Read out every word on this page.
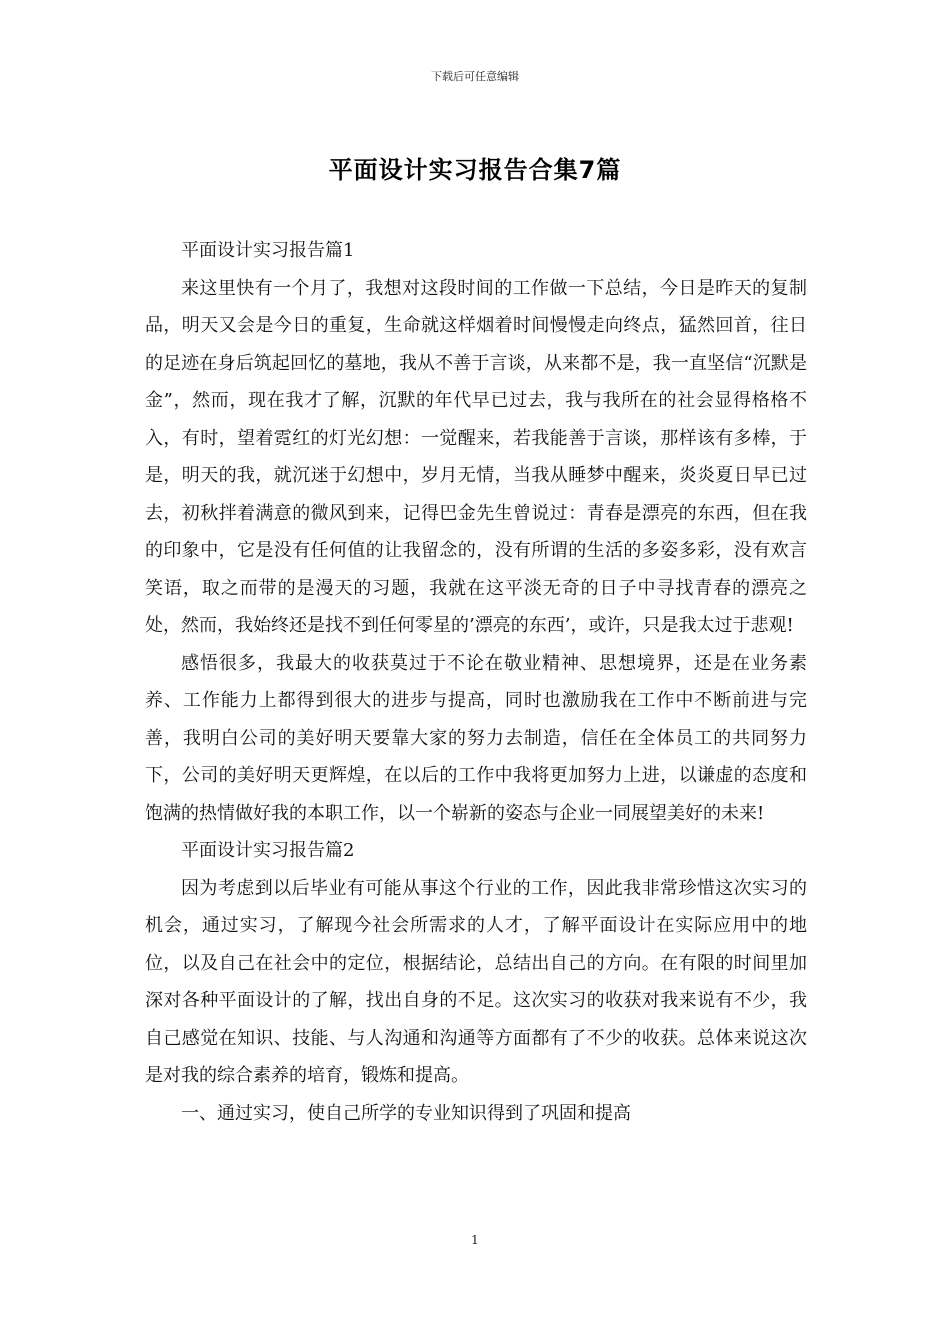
下载后可任意编辑
平面设计实习报告合集7篇

平面设计实习报告篇1

来这里快有一个月了，我想对这段时间的工作做一下总结，今日是昨天的复制品，明天又会是今日的重复，生命就这样烟着时间慢慢走向终点，猛然回首，往日的足迹在身后筑起回忆的墓地，我从不善于言谈，从来都不是，我一直坚信“沉默是金”，然而，现在我才了解，沉默的年代早已过去，我与我所在的社会显得格格不入，有时，望着霓红的灯光幻想：一觉醒来，若我能善于言谈，那样该有多棒，于是，明天的我，就沉迷于幻想中，岁月无情，当我从睡梦中醒来，炎炎夏日早已过去，初秋拌着满意的微风到来，记得巴金先生曾说过：青春是漂亮的东西，但在我的印象中，它是没有任何值的让我留念的，没有所谓的生活的多姿多彩，没有欢言笑语，取之而带的是漫天的习题，我就在这平淡无奇的日子中寻找青春的漂亮之处，然而，我始终还是找不到任何零星的’漂亮的东西’，或许，只是我太过于悲观!

感悟很多，我最大的收获莫过于不论在敬业精神、思想境界，还是在业务素养、工作能力上都得到很大的进步与提高，同时也激励我在工作中不断前进与完善，我明白公司的美好明天要靠大家的努力去制造，信任在全体员工的共同努力下，公司的美好明天更辉煌，在以后的工作中我将更加努力上进，以谦虚的态度和饱满的热情做好我的本职工作，以一个崭新的姿态与企业一同展望美好的未来!

平面设计实习报告篇2

因为考虑到以后毕业有可能从事这个行业的工作，因此我非常珍惜这次实习的机会，通过实习，了解现今社会所需求的人才，了解平面设计在实际应用中的地位，以及自己在社会中的定位，根据结论，总结出自己的方向。在有限的时间里加深对各种平面设计的了解，找出自身的不足。这次实习的收获对我来说有不少，我自己感觉在知识、技能、与人沟通和沟通等方面都有了不少的收获。总体来说这次是对我的综合素养的培育，锻炼和提高。

一、通过实习，使自己所学的专业知识得到了巩固和提高

1
